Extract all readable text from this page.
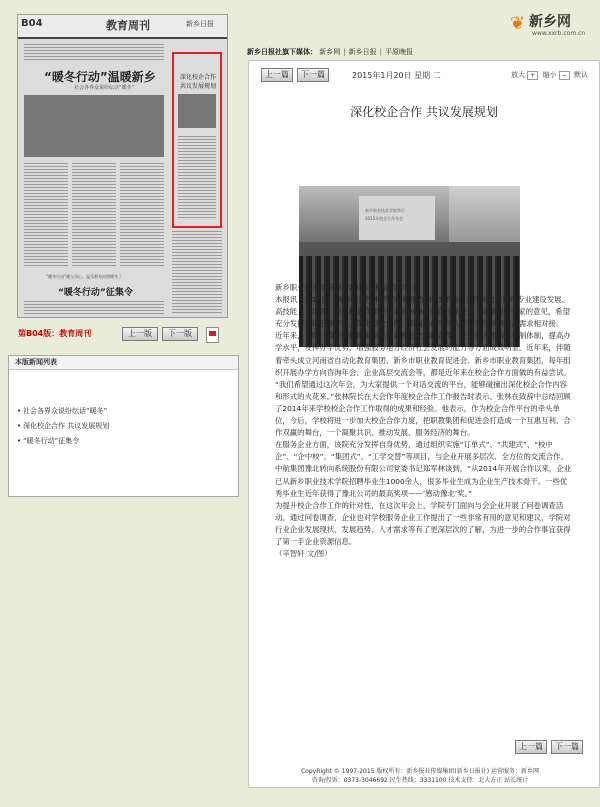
B04	教育周刊	新乡日报
“暖冬行动”温暖新乡
社会各界众说纷纭话“暖冬”
“暖冬行动”暖父母心，温乐群布局照暖冬了
深化校企合作
共议发展规划
“暖冬行动”征集令
第B04版：教育周刊	上一版	下一版
本版新闻列表
• 社会各界众说纷纭话“暖冬”
• 深化校企合作 共议发展规划
• “暖冬行动”征集令
❦ 新乡网
www.xxrb.com.cn
新乡日报社旗下媒体： 新乡网 | 新乡日报 | 平原晚报
上一篇	下一篇	2015年1月20日 星期 二	放大 + 缩小 − 默认
深化校企合作 共议发展规划
新乡职业技术学院举行
2015年校企合作年会

新乡职业技术学院举行2015年校企合作年会

本报讯 1月15日，新乡职业技术学院组织举办2015年校企合作年会，围绕专业建设发展、高技能人才培养、深化校企合作等征求近200位来自行业企业、兄弟院校专家的意见，希望充分发挥市场引领作用，深化校企合作，积极推动学校人才培养与区域经济需求相对接。

近年来，该院一直在积极探索职业教育校企之间的合作，在完善人才培养机制体制，提高办学水平，发挥办学优势，增强服务地方经济社会发展的能力等方面成效明显。近年来，伴随着牵头成立河南省自动化教育集团、新乡市职业教育促进会、新乡市职业教育集团，每年组织开展办学方向咨询年会、企业高层交流会等，都是近年来在校企合作方面做的有益尝试。

“我们希望通过这次年会，为大家提供一个对话交流的平台，能够碰撞出深化校企合作内容和形式的火花来。”张林院长在大会作年度校企合作工作报告时表示。张林在致辞中总结回顾了2014年来学校校企合作工作取得的成果和经验。他表示，作为校企合作平台的牵头单位，今后，学校将进一步加大校企合作力度，把职教集团和促进会打造成一个互惠互利、合作双赢的舞台，一个凝聚共识、推动发展、服务经济的舞台。

在服务企业方面，该院充分发挥自身优势，通过组织实施“订单式”、“共建式”、“校中企”、“企中校”、“集团式”、“工学交替”等项目，与企业开展多层次、全方位的交流合作。中航集团豫北转向系统股份有限公司党委书记郑军林谈到，“从2014年开展合作以来，企业已从新乡职业技术学院招聘毕业生1000余人，很多毕业生成为企业生产技术骨干。一些优秀毕业生近年获得了豫北公司的最高奖项——‘感动豫北’奖。”

为提升校企合作工作的针对性，在这次年会上，学院专门面向与会企业开展了问卷调查活动。通过问卷调查，企业也对学校服务企业工作提出了一些非常有用的意见和建议，学院对行业企业发展现状、发展趋势、人才需求等有了更深层次的了解，为进一步的合作事宜获得了第一手企业资源信息。

（辛智轩 文/图）

上一篇	下一篇
CopyRight © 1997-2015 版权所有：新乡报业传媒集团(新乡日报社) 运营服务：新乡网
咨询/投诉：0373-3046692 民生热线：3331100 技术支持：北大方正 站长统计
